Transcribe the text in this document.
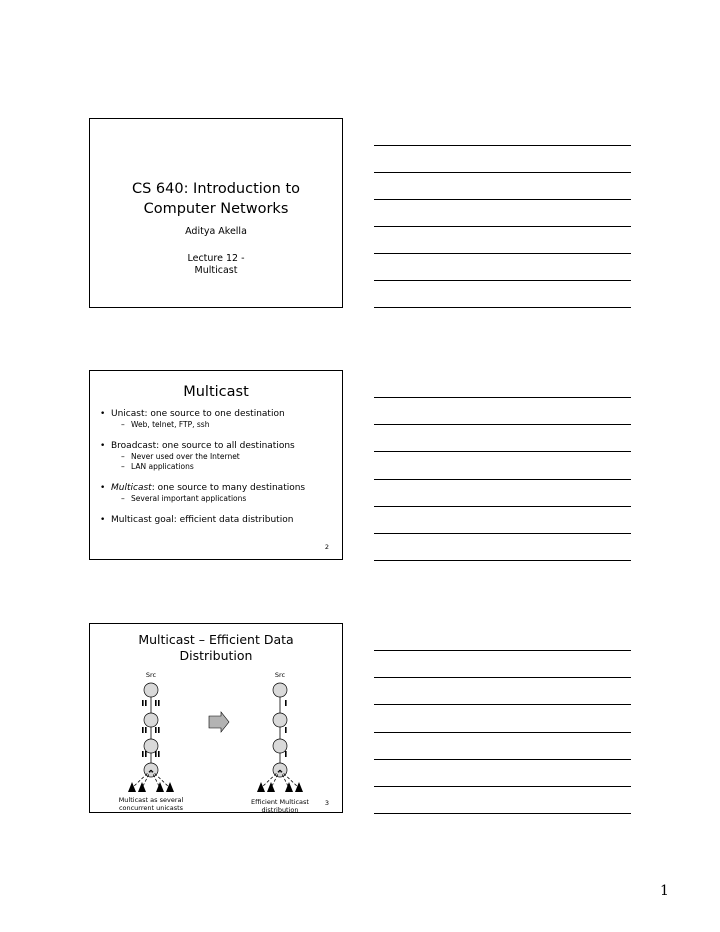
CS 640: Introduction to
Computer Networks
Aditya Akella
Lecture 12 -
Multicast
Multicast
• Unicast: one source to one destination
– Web, telnet, FTP, ssh
• Broadcast: one source to all destinations
– Never used over the Internet
– LAN applications
• Multicast: one source to many destinations
– Several important applications
• Multicast goal: efficient data distribution
2
Multicast – Efficient Data
Distribution
Src	Src
Multicast as several
concurrent unicasts
Efficient Multicast
distribution
3
1
